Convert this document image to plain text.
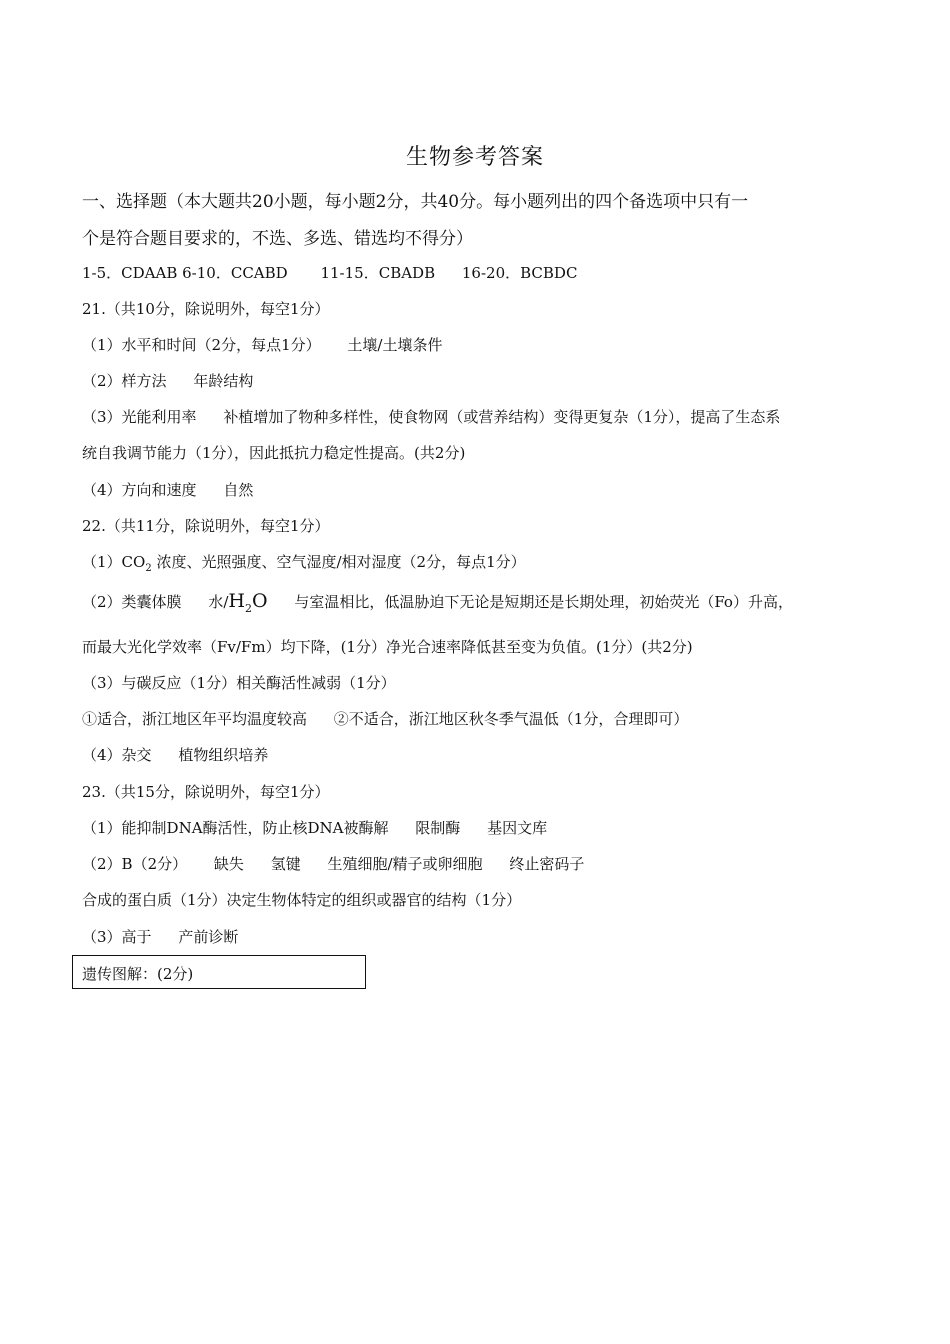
生物参考答案
一、选择题（本大题共20小题，每小题2分，共40分。每小题列出的四个备选项中只有一
个是符合题目要求的，不选、多选、错选均不得分）
1-5．CDAAB 6-10．CCABD 11-15．CBADB 16-20．BCBDC
21.（共10分，除说明外，每空1分）
（1）水平和时间（2分，每点1分） 土壤/土壤条件
（2）样方法 年龄结构
（3）光能利用率 补植增加了物种多样性，使食物网（或营养结构）变得更复杂（1分），提高了生态系
统自我调节能力（1分），因此抵抗力稳定性提高。(共2分)
（4）方向和速度 自然
22.（共11分，除说明外，每空1分）
$(1)CO_2$ 浓度、光照强度、空气湿度/相对湿度（2分，每点1分）
（2）类囊体膜 水$/H_2O$ 与室温相比，低温胁迫下无论是短期还是长期处理，初始荧光（Fo）升高，
而最大光化学效率（Fv/Fm）均下降，(1分）净光合速率降低甚至变为负值。(1分）(共2分)
（3）与碳反应（1分）相关酶活性减弱（1分）
①适合，浙江地区年平均温度较高 ②不适合，浙江地区秋冬季气温低（1分，合理即可）
（4）杂交 植物组织培养
23.（共15分，除说明外，每空1分）
（1）能抑制DNA酶活性，防止核DNA被酶解 限制酶 基因文库
（2）B（2分） 缺失 氢键 生殖细胞/精子或卵细胞 终止密码子
合成的蛋白质（1分）决定生物体特定的组织或器官的结构（1分）
（3）高于 产前诊断
遗传图解：(2分)
